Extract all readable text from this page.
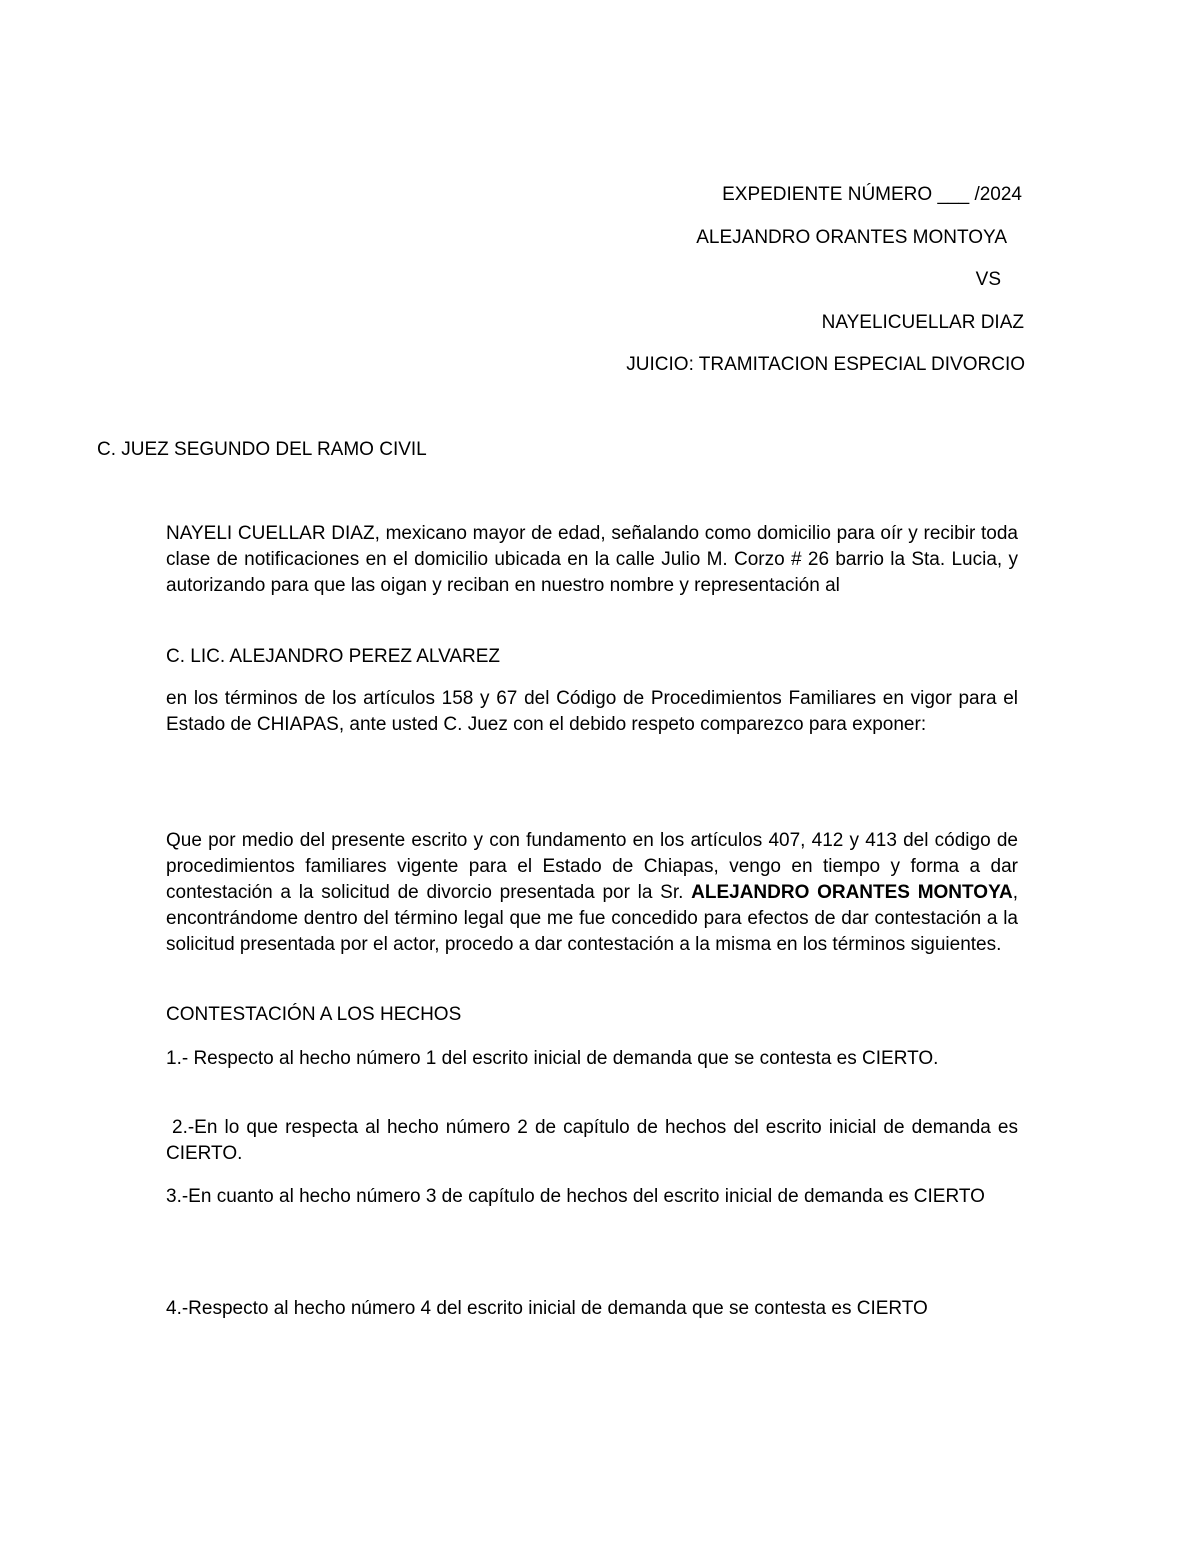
EXPEDIENTE NÚMERO ___ /2024
ALEJANDRO ORANTES MONTOYA
VS
NAYELICUELLAR DIAZ
JUICIO: TRAMITACION ESPECIAL DIVORCIO
C. JUEZ SEGUNDO DEL RAMO CIVIL

NAYELI CUELLAR DIAZ, mexicano mayor de edad, señalando como domicilio para oír y recibir toda clase de notificaciones en el domicilio ubicada en la calle Julio M. Corzo # 26 barrio la Sta. Lucia, y autorizando para que las oigan y reciban en nuestro nombre y representación al

C. LIC. ALEJANDRO PEREZ ALVAREZ

en los términos de los artículos 158 y 67 del Código de Procedimientos Familiares en vigor para el Estado de CHIAPAS, ante usted C. Juez con el debido respeto comparezco para exponer:

Que por medio del presente escrito y con fundamento en los artículos 407, 412 y 413 del código de procedimientos familiares vigente para el Estado de Chiapas, vengo en tiempo y forma a dar contestación a la solicitud de divorcio presentada por la Sr. ALEJANDRO ORANTES MONTOYA, encontrándome dentro del término legal que me fue concedido para efectos de dar contestación a la solicitud presentada por el actor, procedo a dar contestación a la misma en los términos siguientes.

CONTESTACIÓN A LOS HECHOS

1.- Respecto al hecho número 1 del escrito inicial de demanda que se contesta es CIERTO.

2.-En lo que respecta al hecho número 2 de capítulo de hechos del escrito inicial de demanda es CIERTO.

3.-En cuanto al hecho número 3 de capítulo de hechos del escrito inicial de demanda es CIERTO

4.-Respecto al hecho número 4 del escrito inicial de demanda que se contesta es CIERTO
